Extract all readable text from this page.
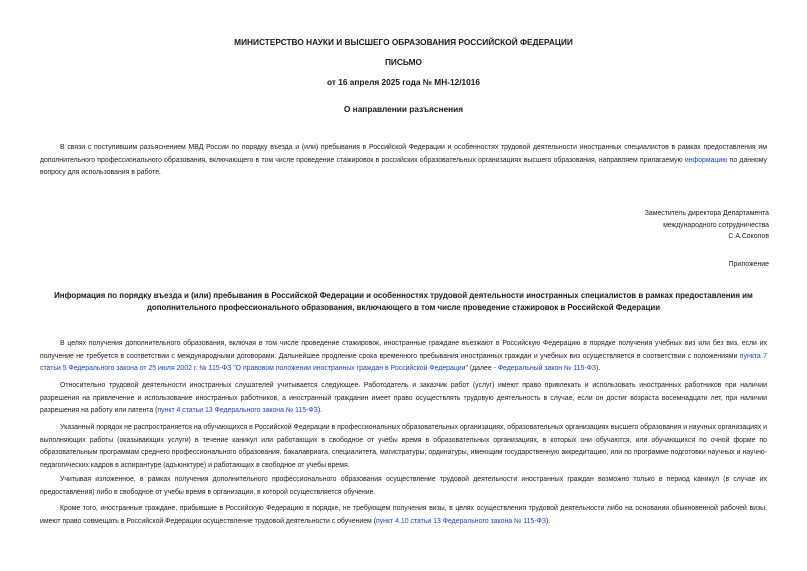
МИНИСТЕРСТВО НАУКИ И ВЫСШЕГО ОБРАЗОВАНИЯ РОССИЙСКОЙ ФЕДЕРАЦИИ

ПИСЬМО

от 16 апреля 2025 года № МН-12/1016

О направлении разъяснения

В связи с поступившим разъяснением МВД России по порядку въезда и (или) пребывания в Российской Федерации и особенностях трудовой деятельности иностранных специалистов в рамках предоставления им дополнительного профессионального образования, включающего в том числе проведение стажировок в российских образовательных организациях высшего образования, направляем прилагаемую информацию по данному вопросу для использования в работе.

Заместитель директора Департамента

международного сотрудничества

С.А.Соколов

Приложение

Информация по порядку въезда и (или) пребывания в Российской Федерации и особенностях трудовой деятельности иностранных специалистов в рамках предоставления им дополнительного профессионального образования, включающего в том числе проведение стажировок в Российской Федерации

В целях получения дополнительного образования, включая в том числе проведение стажировок, иностранные граждане въезжают в Российскую Федерацию в порядке получения учебных виз или без виз, если их получение не требуется в соответствии с международными договорами. Дальнейшее продление срока временного пребывания иностранных граждан и учебных виз осуществляется в соответствии с положениями пункта 7 статьи 5 Федерального закона от 25 июля 2002 г. № 115-ФЗ "О правовом положении иностранных граждан в Российской Федерации" (далее - Федеральный закон № 115-ФЗ).

Относительно трудовой деятельности иностранных слушателей учитывается следующее. Работодатель и заказчик работ (услуг) имеют право привлекать и использовать иностранных работников при наличии разрешения на привлечение и использование иностранных работников, а иностранный гражданин имеет право осуществлять трудовую деятельность в случае, если он достиг возраста восемнадцати лет, при наличии разрешения на работу или патента (пункт 4 статьи 13 Федерального закона № 115-ФЗ).

Указанный порядок не распространяется на обучающихся в Российской Федерации в профессиональных образовательных организациях, образовательных организациях высшего образования и научных организациях и выполняющих работы (оказывающих услуги) в течение каникул или работающих в свободное от учебы время в образовательных организациях, в которых они обучаются, или обучающихся по очной форме по образовательным программам среднего профессионального образования, бакалавриата, специалитета, магистратуры, ординатуры, имеющим государственную аккредитацию, или по программе подготовки научных и научно-педагогических кадров в аспирантуре (адъюнктуре) и работающих в свободное от учебы время.

Учитывая изложенное, в рамках получения дополнительного профессионального образования осуществление трудовой деятельности иностранных граждан возможно только в период каникул (в случае их предоставления) либо в свободное от учебы время в организации, в которой осуществляется обучение.

Кроме того, иностранные граждане, прибывшие в Российскую Федерацию в порядке, не требующем получения визы, в целях осуществления трудовой деятельности либо на основании обыкновенной рабочей визы, имеют право совмещать в Российской Федерации осуществление трудовой деятельности с обучением (пункт 4.10 статьи 13 Федерального закона № 115-ФЗ).
